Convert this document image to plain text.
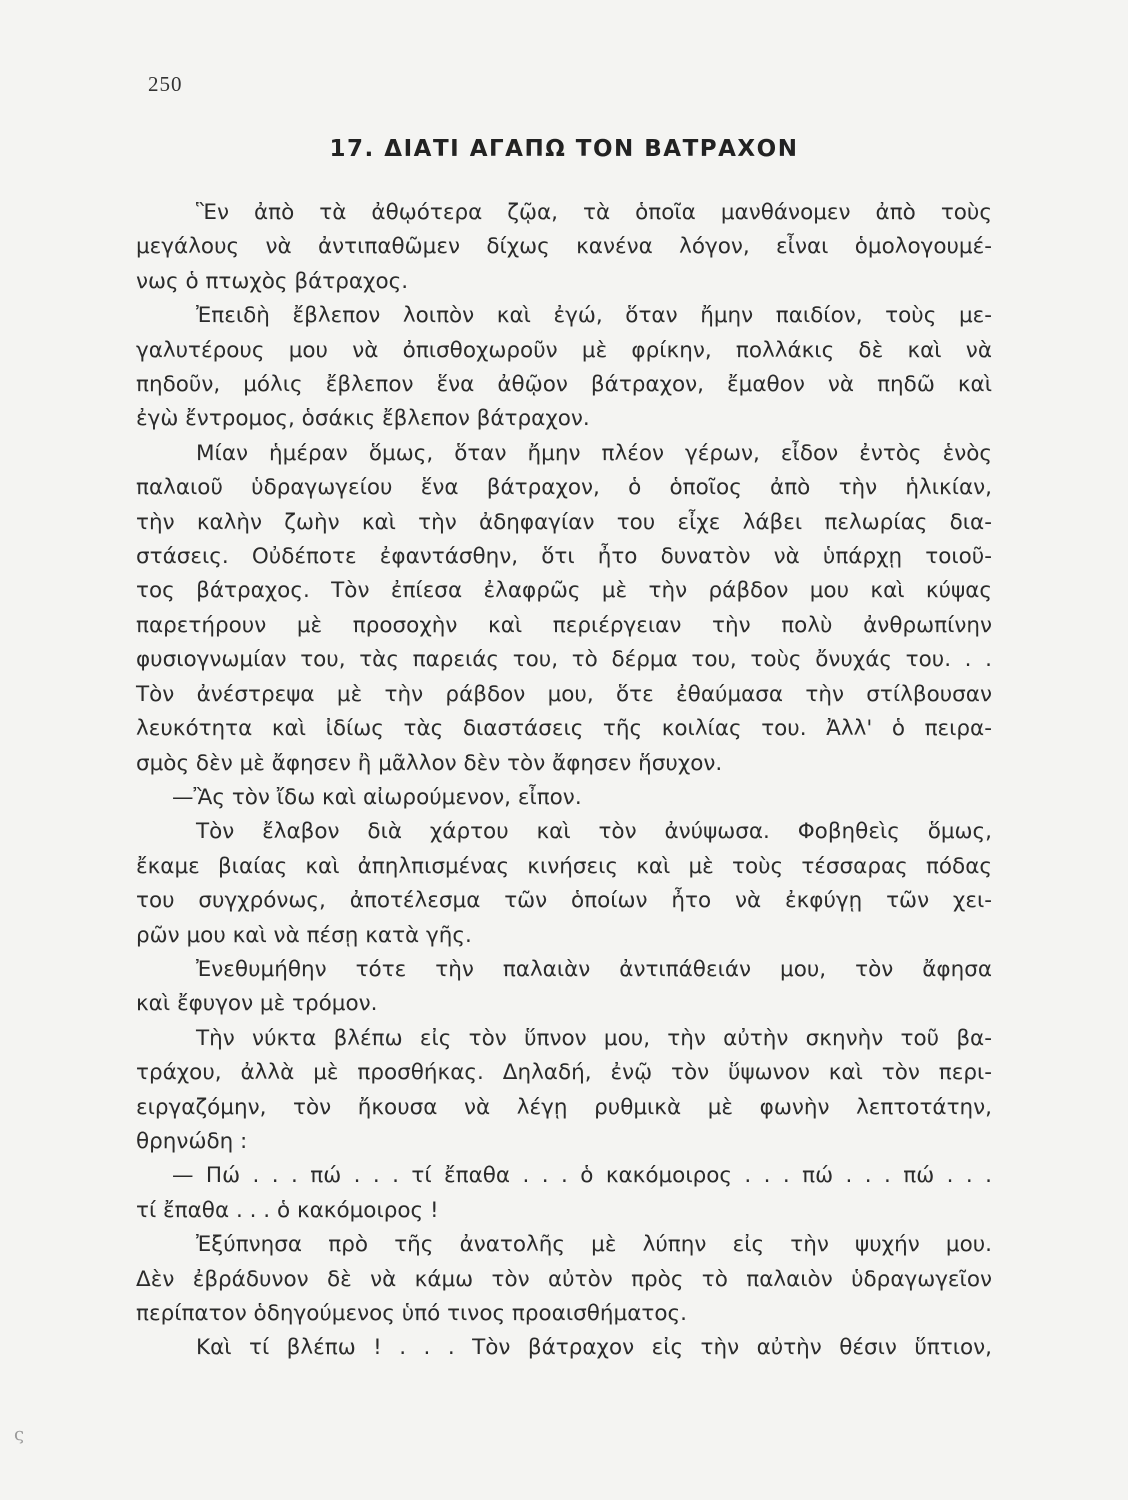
250
17. ΔΙΑΤΙ ΑΓΑΠΩ ΤΟΝ ΒΑΤΡΑΧΟΝ
Ἓν ἀπὸ τὰ ἀθῳότερα ζῷα, τὰ ὁποῖα μανθάνομεν ἀπὸ τοὺς
μεγάλους νὰ ἀντιπαθῶμεν δίχως κανένα λόγον, εἶναι ὁμολογουμέ-
νως ὁ πτωχὸς βάτραχος.
Ἐπειδὴ ἔβλεπον λοιπὸν καὶ ἐγώ, ὅταν ἤμην παιδίον, τοὺς με-
γαλυτέρους μου νὰ ὀπισθοχωροῦν μὲ φρίκην, πολλάκις δὲ καὶ νὰ
πηδοῦν, μόλις ἔβλεπον ἕνα ἀθῷον βάτραχον, ἔμαθον νὰ πηδῶ καὶ
ἐγὼ ἔντρομος, ὁσάκις ἔβλεπον βάτραχον.
Μίαν ἡμέραν ὅμως, ὅταν ἤμην πλέον γέρων, εἶδον ἐντὸς ἑνὸς
παλαιοῦ ὑδραγωγείου ἕνα βάτραχον, ὁ ὁποῖος ἀπὸ τὴν ἡλικίαν,
τὴν καλὴν ζωὴν καὶ τὴν ἀδηφαγίαν του εἶχε λάβει πελωρίας δια-
στάσεις. Οὐδέποτε ἐφαντάσθην, ὅτι ἦτο δυνατὸν νὰ ὑπάρχῃ τοιοῦ-
τος βάτραχος. Τὸν ἐπίεσα ἐλαφρῶς μὲ τὴν ράβδον μου καὶ κύψας
παρετήρουν μὲ προσοχὴν καὶ περιέργειαν τὴν πολὺ ἀνθρωπίνην
φυσιογνωμίαν του, τὰς παρειάς του, τὸ δέρμα του, τοὺς ὄνυχάς του. . .
Τὸν ἀνέστρεψα μὲ τὴν ράβδον μου, ὅτε ἐθαύμασα τὴν στίλβουσαν
λευκότητα καὶ ἰδίως τὰς διαστάσεις τῆς κοιλίας του. Ἀλλ' ὁ πειρα-
σμὸς δὲν μὲ ἄφησεν ἢ μᾶλλον δὲν τὸν ἄφησεν ἥσυχον.
—Ἂς τὸν ἴδω καὶ αἰωρούμενον, εἶπον.
Τὸν ἔλαβον διὰ χάρτου καὶ τὸν ἀνύψωσα. Φοβηθεὶς ὅμως,
ἔκαμε βιαίας καὶ ἀπηλπισμένας κινήσεις καὶ μὲ τοὺς τέσσαρας πόδας
του συγχρόνως, ἀποτέλεσμα τῶν ὁποίων ἦτο νὰ ἐκφύγῃ τῶν χει-
ρῶν μου καὶ νὰ πέσῃ κατὰ γῆς.
Ἐνεθυμήθην τότε τὴν παλαιὰν ἀντιπάθειάν μου, τὸν ἄφησα
καὶ ἔφυγον μὲ τρόμον.
Τὴν νύκτα βλέπω εἰς τὸν ὕπνον μου, τὴν αὐτὴν σκηνὴν τοῦ βα-
τράχου, ἀλλὰ μὲ προσθήκας. Δηλαδή, ἐνῷ τὸν ὕψωνον καὶ τὸν περι-
ειργαζόμην, τὸν ἤκουσα νὰ λέγῃ ρυθμικὰ μὲ φωνὴν λεπτοτάτην,
θρηνώδη :
— Πώ . . . πώ . . . τί ἔπαθα . . . ὁ κακόμοιρος . . . πώ . . . πώ . . .
τί ἔπαθα . . . ὁ κακόμοιρος !
Ἐξύπνησα πρὸ τῆς ἀνατολῆς μὲ λύπην εἰς τὴν ψυχήν μου.
Δὲν ἐβράδυνον δὲ νὰ κάμω τὸν αὐτὸν πρὸς τὸ παλαιὸν ὑδραγωγεῖον
περίπατον ὁδηγούμενος ὑπό τινος προαισθήματος.
Καὶ τί βλέπω ! . . . Τὸν βάτραχον εἰς τὴν αὐτὴν θέσιν ὕπτιον,
ς
